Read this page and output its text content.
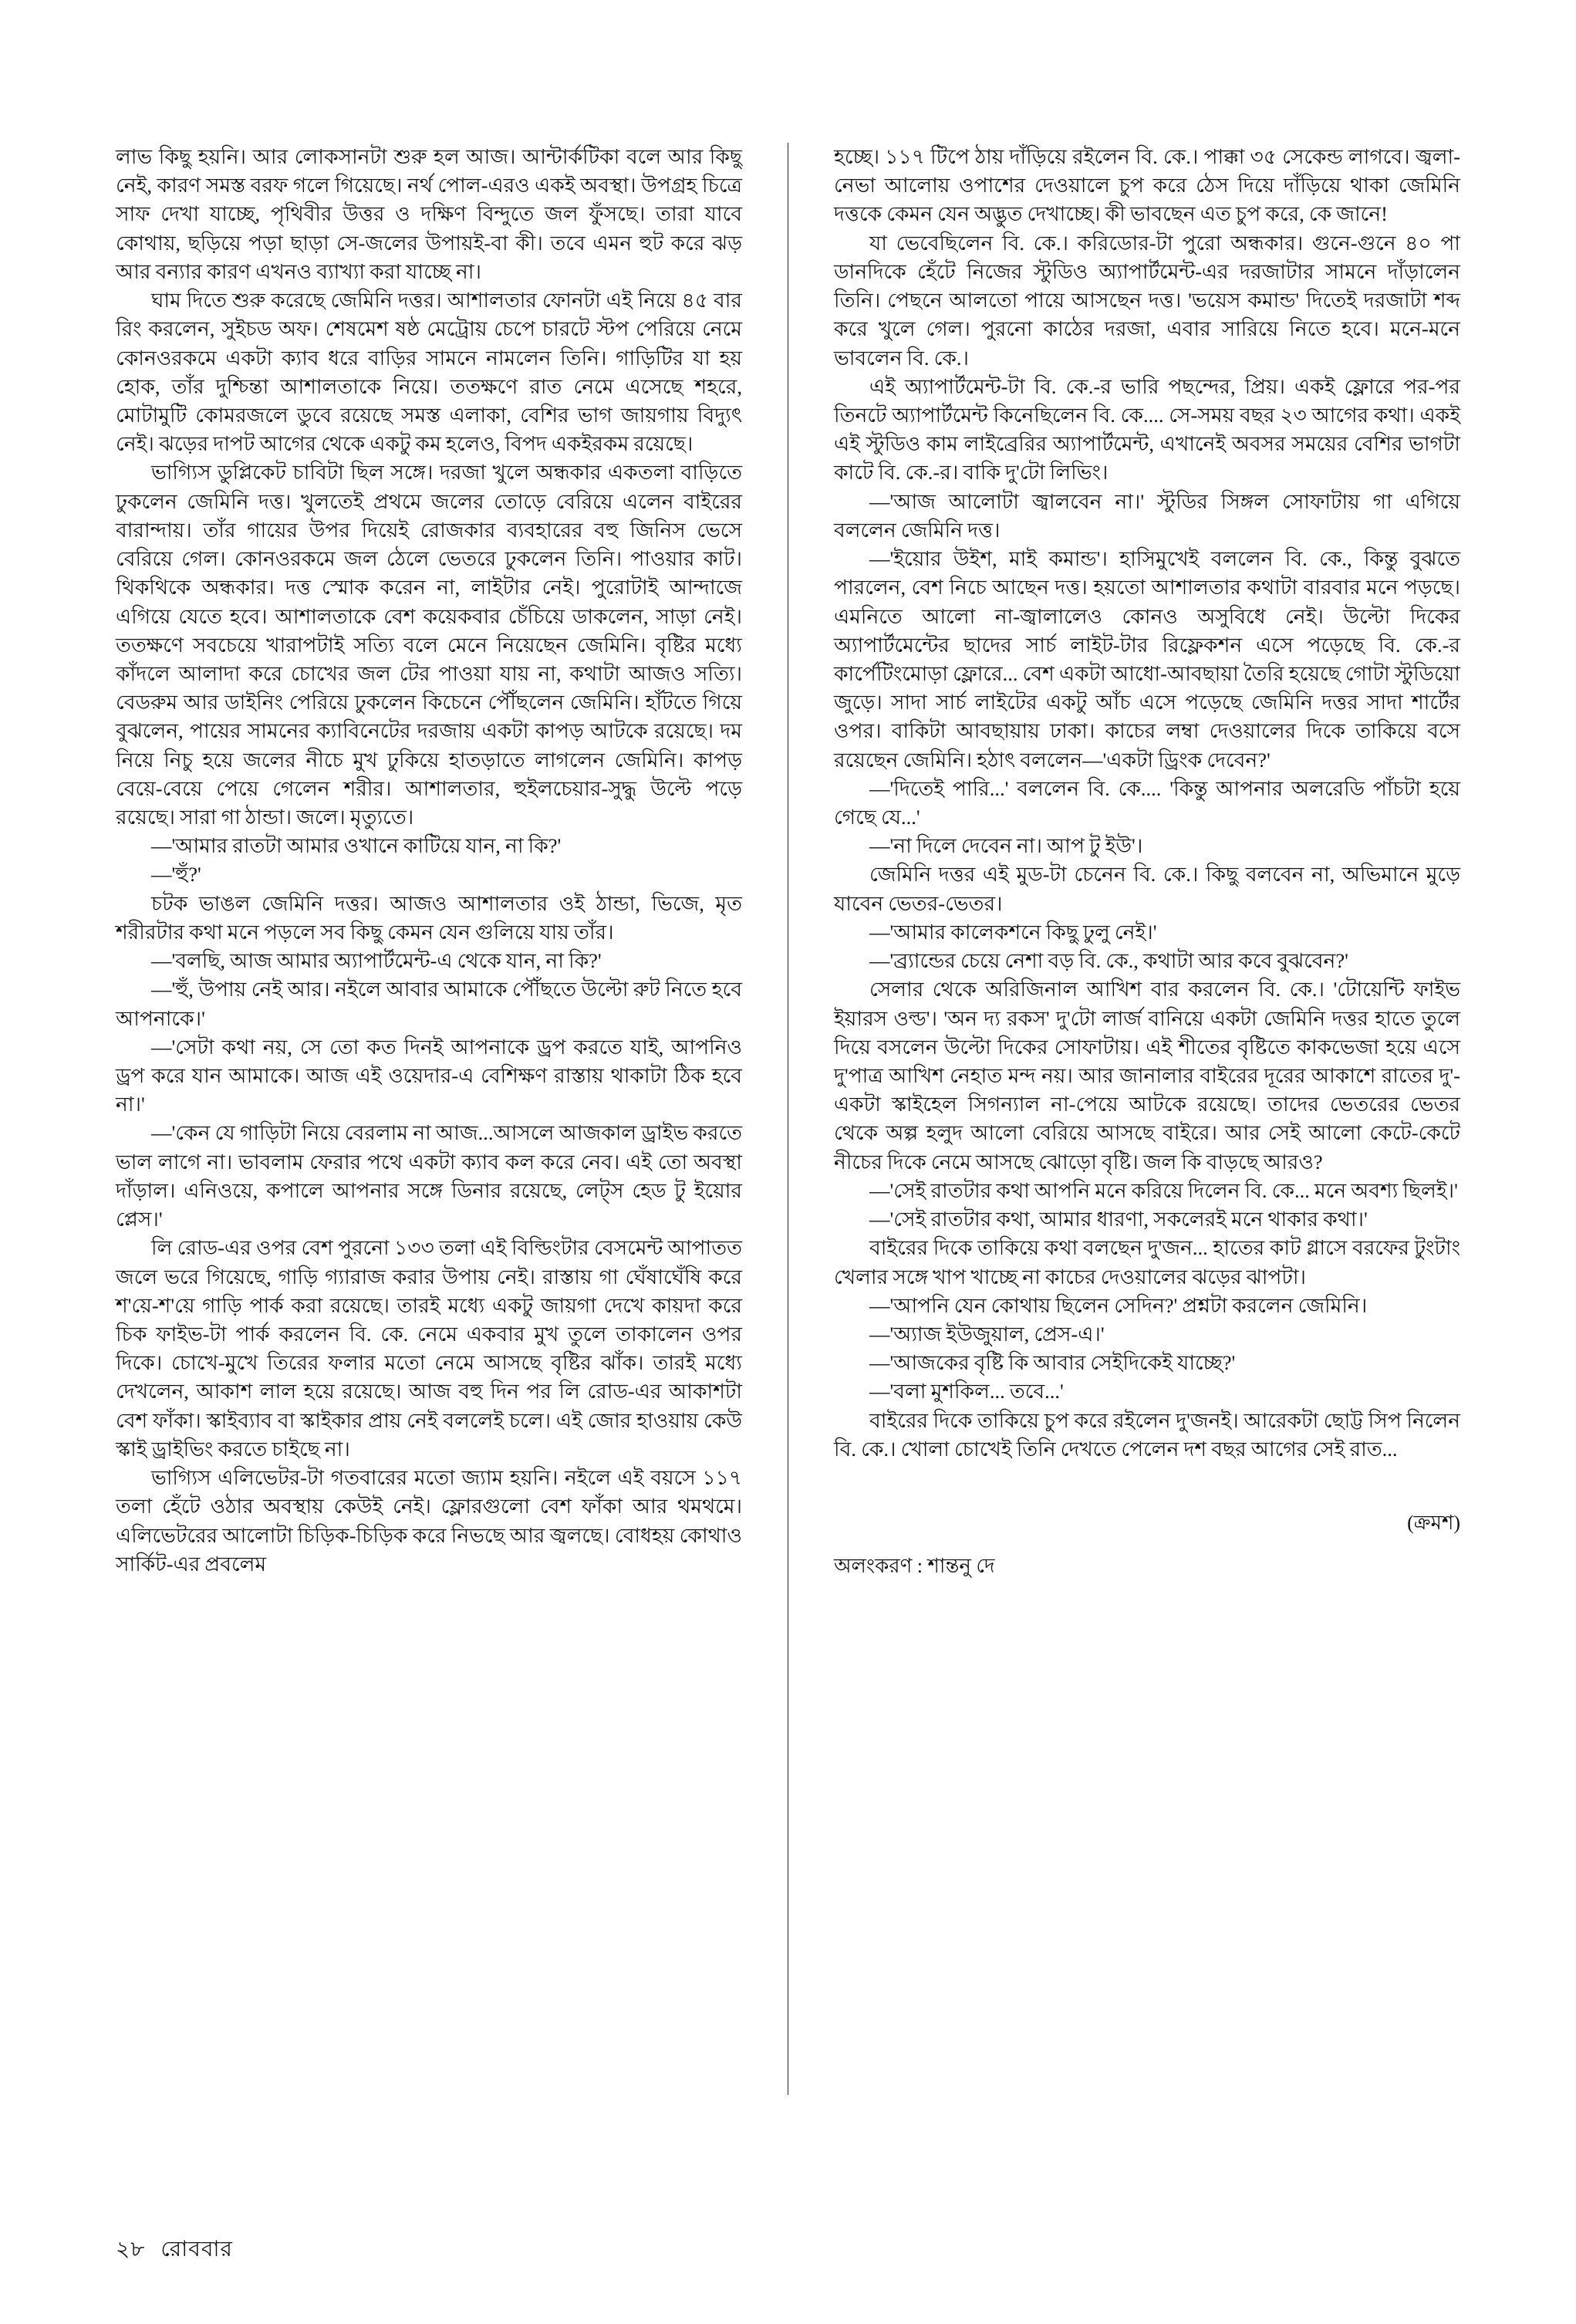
লাভ কিছু হয়নি। আর লোকসানটা শুরু হল আজ। আন্টার্কটিকা বলে আর কিছু নেই, কারণ সমস্ত বরফ গলে গিয়েছে। নর্থ পোল-এরও একই অবস্থা। উপগ্রহ চিত্রে সাফ দেখা যাচ্ছে, পৃথিবীর উত্তর ও দক্ষিণ বিন্দুতে জল ফুঁসছে। তারা যাবে কোথায়, ছড়িয়ে পড়া ছাড়া সে-জলের উপায়ই-বা কী। তবে এমন হুট করে ঝড় আর বন্যার কারণ এখনও ব্যাখ্যা করা যাচ্ছে না।

ঘাম দিতে শুরু করেছে জেমিনি দত্তর। আশালতার ফোনটা এই নিয়ে ৪৫ বার রিং করলেন, সুইচড অফ। শেষমেশ ষষ্ঠ মেট্রোয় চেপে চারটে স্টপ পেরিয়ে নেমে কোনওরকমে একটা ক্যাব ধরে বাড়ির সামনে নামলেন তিনি। গাড়িটির যা হয় হোক, তাঁর দুশ্চিন্তা আশালতাকে নিয়ে। ততক্ষণে রাত নেমে এসেছে শহরে, মোটামুটি কোমরজলে ডুবে রয়েছে সমস্ত এলাকা, বেশির ভাগ জায়গায় বিদ্যুৎ নেই। ঝড়ের দাপট আগের থেকে একটু কম হলেও, বিপদ একইরকম রয়েছে।

ভাগ্যিস ডুপ্লিকেট চাবিটা ছিল সঙ্গে। দরজা খুলে অন্ধকার একতলা বাড়িতে ঢুকলেন জেমিনি দত্ত। খুলতেই প্রথমে জলের তোড়ে বেরিয়ে এলেন বাইরের বারান্দায়। তাঁর গায়ের উপর দিয়েই রোজকার ব্যবহারের বহু জিনিস ভেসে বেরিয়ে গেল। কোনওরকমে জল ঠেলে ভেতরে ঢুকলেন তিনি। পাওয়ার কাট। থিকথিকে অন্ধকার। দত্ত স্মোক করেন না, লাইটার নেই। পুরোটাই আন্দাজে এগিয়ে যেতে হবে। আশালতাকে বেশ কয়েকবার চেঁচিয়ে ডাকলেন, সাড়া নেই। ততক্ষণে সবচেয়ে খারাপটাই সত্যি বলে মেনে নিয়েছেন জেমিনি। বৃষ্টির মধ্যে কাঁদলে আলাদা করে চোখের জল টের পাওয়া যায় না, কথাটা আজও সত্যি। বেডরুম আর ডাইনিং পেরিয়ে ঢুকলেন কিচেনে পৌঁছলেন জেমিনি। হাঁটতে গিয়ে বুঝলেন, পায়ের সামনের ক্যাবিনেটের দরজায় একটা কাপড় আটকে রয়েছে। দম নিয়ে নিচু হয়ে জলের নীচে মুখ ঢুকিয়ে হাতড়াতে লাগলেন জেমিনি। কাপড় বেয়ে-বেয়ে পেয়ে গেলেন শরীর। আশালতার, হুইলচেয়ার-সুদ্ধু উল্টে পড়ে রয়েছে। সারা গা ঠান্ডা। জলে। মৃত্যুতে।

—'আমার রাতটা আমার ওখানে কাটিয়ে যান, না কি?'

—'হুঁ?'

চটক ভাঙল জেমিনি দত্তর। আজও আশালতার ওই ঠান্ডা, ভিজে, মৃত শরীরটার কথা মনে পড়লে সব কিছু কেমন যেন গুলিয়ে যায় তাঁর।

—'বলছি, আজ আমার অ্যাপার্টমেন্ট-এ থেকে যান, না কি?'

—'হুঁ, উপায় নেই আর। নইলে আবার আমাকে পৌঁছতে উল্টো রুট নিতে হবে আপনাকে।'

—'সেটা কথা নয়, সে তো কত দিনই আপনাকে ড্রপ করতে যাই, আপনিও ড্রপ করে যান আমাকে। আজ এই ওয়েদার-এ বেশিক্ষণ রাস্তায় থাকাটা ঠিক হবে না।'

—'কেন যে গাড়িটা নিয়ে বেরলাম না আজ...আসলে আজকাল ড্রাইভ করতে ভাল লাগে না। ভাবলাম ফেরার পথে একটা ক্যাব কল করে নেব। এই তো অবস্থা দাঁড়াল। এনিওয়ে, কপালে আপনার সঙ্গে ডিনার রয়েছে, লেট্স হেড টু ইয়োর প্লেস।'

লি রোড-এর ওপর বেশ পুরনো ১৩৩ তলা এই বিল্ডিংটার বেসমেন্ট আপাতত জলে ভরে গিয়েছে, গাড়ি গ্যারাজ করার উপায় নেই। রাস্তায় গা ঘেঁষাঘেঁষি করে শ'য়ে-শ'য়ে গাড়ি পার্ক করা রয়েছে। তারই মধ্যে একটু জায়গা দেখে কায়দা করে চিক ফাইভ-টা পার্ক করলেন বি. কে. নেমে একবার মুখ তুলে তাকালেন ওপর দিকে। চোখে-মুখে তিরের ফলার মতো নেমে আসছে বৃষ্টির ঝাঁক। তারই মধ্যে দেখলেন, আকাশ লাল হয়ে রয়েছে। আজ বহু দিন পর লি রোড-এর আকাশটা বেশ ফাঁকা। স্কাইব্যাব বা স্কাইকার প্রায় নেই বললেই চলে। এই জোর হাওয়ায় কেউ স্কাই ড্রাইভিং করতে চাইছে না।

ভাগ্যিস এলিভেটর-টা গতবারের মতো জ্যাম হয়নি। নইলে এই বয়সে ১১৭ তলা হেঁটে ওঠার অবস্থায় কেউই নেই। ফ্লোরগুলো বেশ ফাঁকা আর থমথমে। এলিভেটরের আলোটা চিড়িক-চিড়িক করে নিভছে আর জ্বলছে। বোধহয় কোথাও সার্কিট-এর প্রবলেম

হচ্ছে। ১১৭ টিপে ঠায় দাঁড়িয়ে রইলেন বি. কে.। পাক্কা ৩৫ সেকেন্ড লাগবে। জ্বলা-নেভা আলোয় ওপাশের দেওয়ালে চুপ করে ঠেস দিয়ে দাঁড়িয়ে থাকা জেমিনি দত্তকে কেমন যেন অদ্ভুত দেখাচ্ছে। কী ভাবছেন এত চুপ করে, কে জানে!

যা ভেবেছিলেন বি. কে.। করিডোর-টা পুরো অন্ধকার। গুনে-গুনে ৪০ পা ডানদিকে হেঁটে নিজের স্টুডিও অ্যাপার্টমেন্ট-এর দরজাটার সামনে দাঁড়ালেন তিনি। পেছনে আলতো পায়ে আসছেন দত্ত। 'ভয়েস কমান্ড' দিতেই দরজাটা শব্দ করে খুলে গেল। পুরনো কাঠের দরজা, এবার সারিয়ে নিতে হবে। মনে-মনে ভাবলেন বি. কে.।

এই অ্যাপার্টমেন্ট-টা বি. কে.-র ভারি পছন্দের, প্রিয়। একই ফ্লোরে পর-পর তিনটে অ্যাপার্টমেন্ট কিনেছিলেন বি. কে.... সে-সময় বছর ২৩ আগের কথা। একই এই স্টুডিও কাম লাইব্রেরির অ্যাপার্টমেন্ট, এখানেই অবসর সময়ের বেশির ভাগটা কাটে বি. কে.-র। বাকি দু'টো লিভিং।

—'আজ আলোটা জ্বালবেন না।' স্টুডির সিঙ্গল সোফাটায় গা এগিয়ে বললেন জেমিনি দত্ত।

—'ইয়োর উইশ, মাই কমান্ড'। হাসিমুখেই বললেন বি. কে., কিন্তু বুঝতে পারলেন, বেশ নিচে আছেন দত্ত। হয়তো আশালতার কথাটা বারবার মনে পড়ছে। এমনিতে আলো না-জ্বালালেও কোনও অসুবিধে নেই। উল্টো দিকের অ্যাপার্টমেন্টের ছাদের সার্চ লাইট-টার রিফ্লেকশন এসে পড়েছে বি. কে.-র কার্পেটিংমোড়া ফ্লোরে... বেশ একটা আধো-আবছায়া তৈরি হয়েছে গোটা স্টুডিয়ো জুড়ে। সাদা সার্চ লাইটের একটু আঁচ এসে পড়েছে জেমিনি দত্তর সাদা শার্টের ওপর। বাকিটা আবছায়ায় ঢাকা। কাচের লম্বা দেওয়ালের দিকে তাকিয়ে বসে রয়েছেন জেমিনি। হঠাৎ বললেন—'একটা ড্রিংক দেবেন?'

—'দিতেই পারি...' বললেন বি. কে.... 'কিন্তু আপনার অলরেডি পাঁচটা হয়ে গেছে যে...'

—'না দিলে দেবেন না। আপ টু ইউ'।

জেমিনি দত্তর এই মুড-টা চেনেন বি. কে.। কিছু বলবেন না, অভিমানে মুড়ে যাবেন ভেতর-ভেতর।

—'আমার কালেকশনে কিছু ঢুলু নেই।'

—'ব্র্যান্ডের চেয়ে নেশা বড় বি. কে., কথাটা আর কবে বুঝবেন?'

সেলার থেকে অরিজিনাল আখিশ বার করলেন বি. কে.। 'টোয়েন্টি ফাইভ ইয়ারস ওল্ড'। 'অন দ্য রকস' দু'টো লার্জ বানিয়ে একটা জেমিনি দত্তর হাতে তুলে দিয়ে বসলেন উল্টো দিকের সোফাটায়। এই শীতের বৃষ্টিতে কাকভেজা হয়ে এসে দু'পাত্র আখিশ নেহাত মন্দ নয়। আর জানালার বাইরের দূরের আকাশে রাতের দু'-একটা স্কাইহেল সিগন্যাল না-পেয়ে আটকে রয়েছে। তাদের ভেতরের ভেতর থেকে অল্প হলুদ আলো বেরিয়ে আসছে বাইরে। আর সেই আলো কেটে-কেটে নীচের দিকে নেমে আসছে ঝোড়ো বৃষ্টি। জল কি বাড়ছে আরও?

—'সেই রাতটার কথা আপনি মনে করিয়ে দিলেন বি. কে... মনে অবশ্য ছিলই।'

—'সেই রাতটার কথা, আমার ধারণা, সকলেরই মনে থাকার কথা।'

বাইরের দিকে তাকিয়ে কথা বলছেন দু'জন... হাতের কাট গ্লাসে বরফের টুংটাং খেলার সঙ্গে খাপ খাচ্ছে না কাচের দেওয়ালের ঝড়ের ঝাপটা।

—'আপনি যেন কোথায় ছিলেন সেদিন?' প্রশ্নটা করলেন জেমিনি।

—'অ্যাজ ইউজুয়াল, প্রেস-এ।'

—'আজকের বৃষ্টি কি আবার সেইদিকেই যাচ্ছে?'

—'বলা মুশকিল... তবে...'

বাইরের দিকে তাকিয়ে চুপ করে রইলেন দু'জনই। আরেকটা ছোট্ট সিপ নিলেন বি. কে.। খোলা চোখেই তিনি দেখতে পেলেন দশ বছর আগের সেই রাত...

(ক্রমশ)
অলংকরণ : শান্তনু দে
২৮ রোববার
